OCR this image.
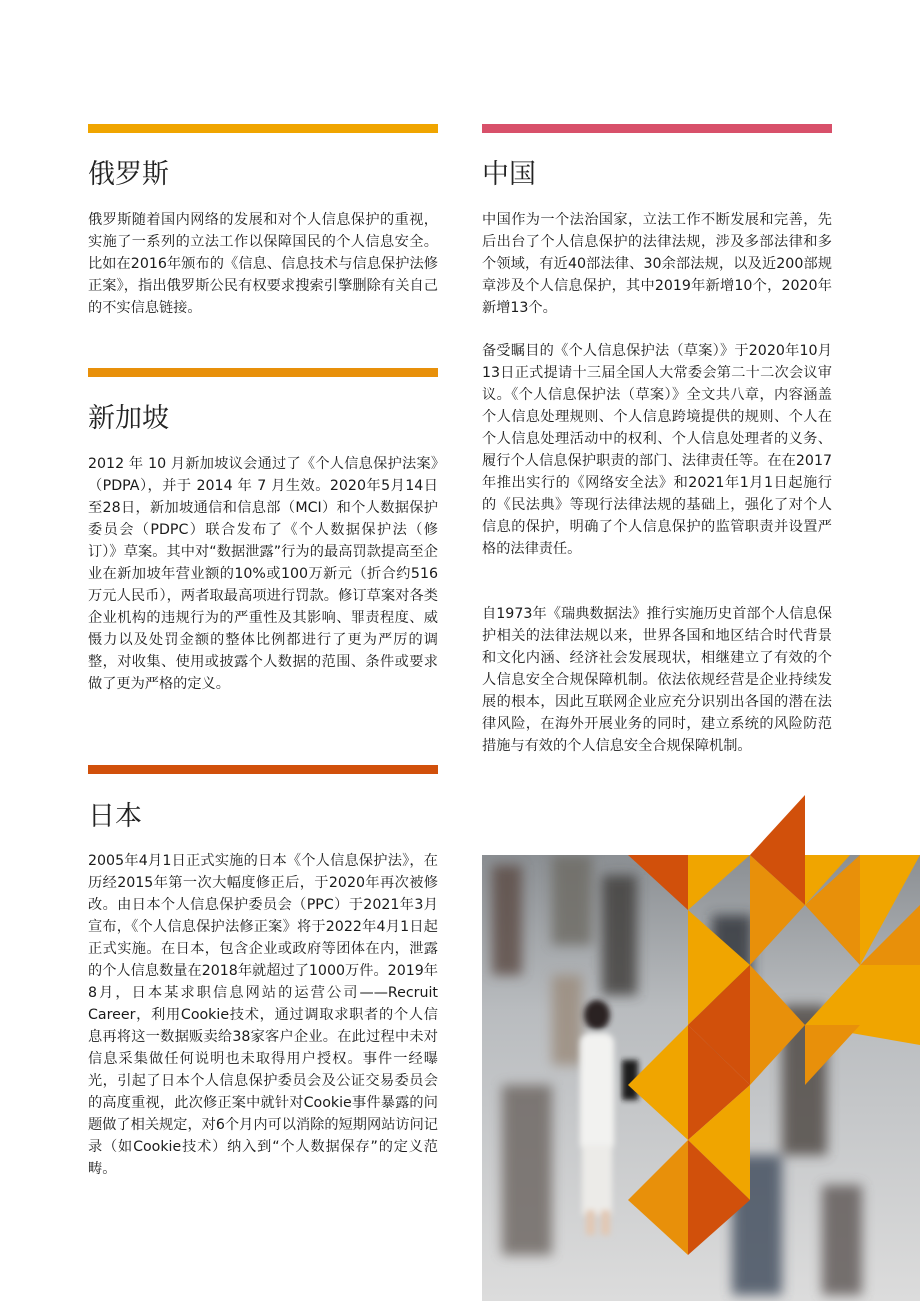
俄罗斯

俄罗斯随着国内网络的发展和对个人信息保护的重视，实施了一系列的立法工作以保障国民的个人信息安全。比如在2016年颁布的《信息、信息技术与信息保护法修正案》，指出俄罗斯公民有权要求搜索引擎删除有关自己的不实信息链接。

新加坡

2012 年 10 月新加坡议会通过了《个人信息保护法案》（PDPA），并于 2014 年 7 月生效。2020年5月14日至28日，新加坡通信和信息部（MCI）和个人数据保护委员会（PDPC）联合发布了《个人数据保护法（修订）》草案。其中对“数据泄露”行为的最高罚款提高至企业在新加坡年营业额的10%或100万新元（折合约516万元人民币），两者取最高项进行罚款。修订草案对各类企业机构的违规行为的严重性及其影响、罪责程度、威慑力以及处罚金额的整体比例都进行了更为严厉的调整，对收集、使用或披露个人数据的范围、条件或要求做了更为严格的定义。

日本

2005年4月1日正式实施的日本《个人信息保护法》，在历经2015年第一次大幅度修正后，于2020年再次被修改。由日本个人信息保护委员会（PPC）于2021年3月宣布，《个人信息保护法修正案》将于2022年4月1日起正式实施。在日本，包含企业或政府等团体在内，泄露的个人信息数量在2018年就超过了1000万件。2019年8月，日本某求职信息网站的运营公司——Recruit Career，利用Cookie技术，通过调取求职者的个人信息再将这一数据贩卖给38家客户企业。在此过程中未对信息采集做任何说明也未取得用户授权。事件一经曝光，引起了日本个人信息保护委员会及公证交易委员会的高度重视，此次修正案中就针对Cookie事件暴露的问题做了相关规定，对6个月内可以消除的短期网站访问记录（如Cookie技术）纳入到“个人数据保存”的定义范畴。

中国

中国作为一个法治国家，立法工作不断发展和完善，先后出台了个人信息保护的法律法规，涉及多部法律和多个领域，有近40部法律、30余部法规，以及近200部规章涉及个人信息保护，其中2019年新增10个，2020年新增13个。

备受瞩目的《个人信息保护法（草案）》于2020年10月13日正式提请十三届全国人大常委会第二十二次会议审议。《个人信息保护法（草案）》全文共八章，内容涵盖个人信息处理规则、个人信息跨境提供的规则、个人在个人信息处理活动中的权利、个人信息处理者的义务、履行个人信息保护职责的部门、法律责任等。在在2017年推出实行的《网络安全法》和2021年1月1日起施行的《民法典》等现行法律法规的基础上，强化了对个人信息的保护，明确了个人信息保护的监管职责并设置严格的法律责任。

自1973年《瑞典数据法》推行实施历史首部个人信息保护相关的法律法规以来，世界各国和地区结合时代背景和文化内涵、经济社会发展现状，相继建立了有效的个人信息安全合规保障机制。依法依规经营是企业持续发展的根本，因此互联网企业应充分识别出各国的潜在法律风险，在海外开展业务的同时，建立系统的风险防范措施与有效的个人信息安全合规保障机制。
